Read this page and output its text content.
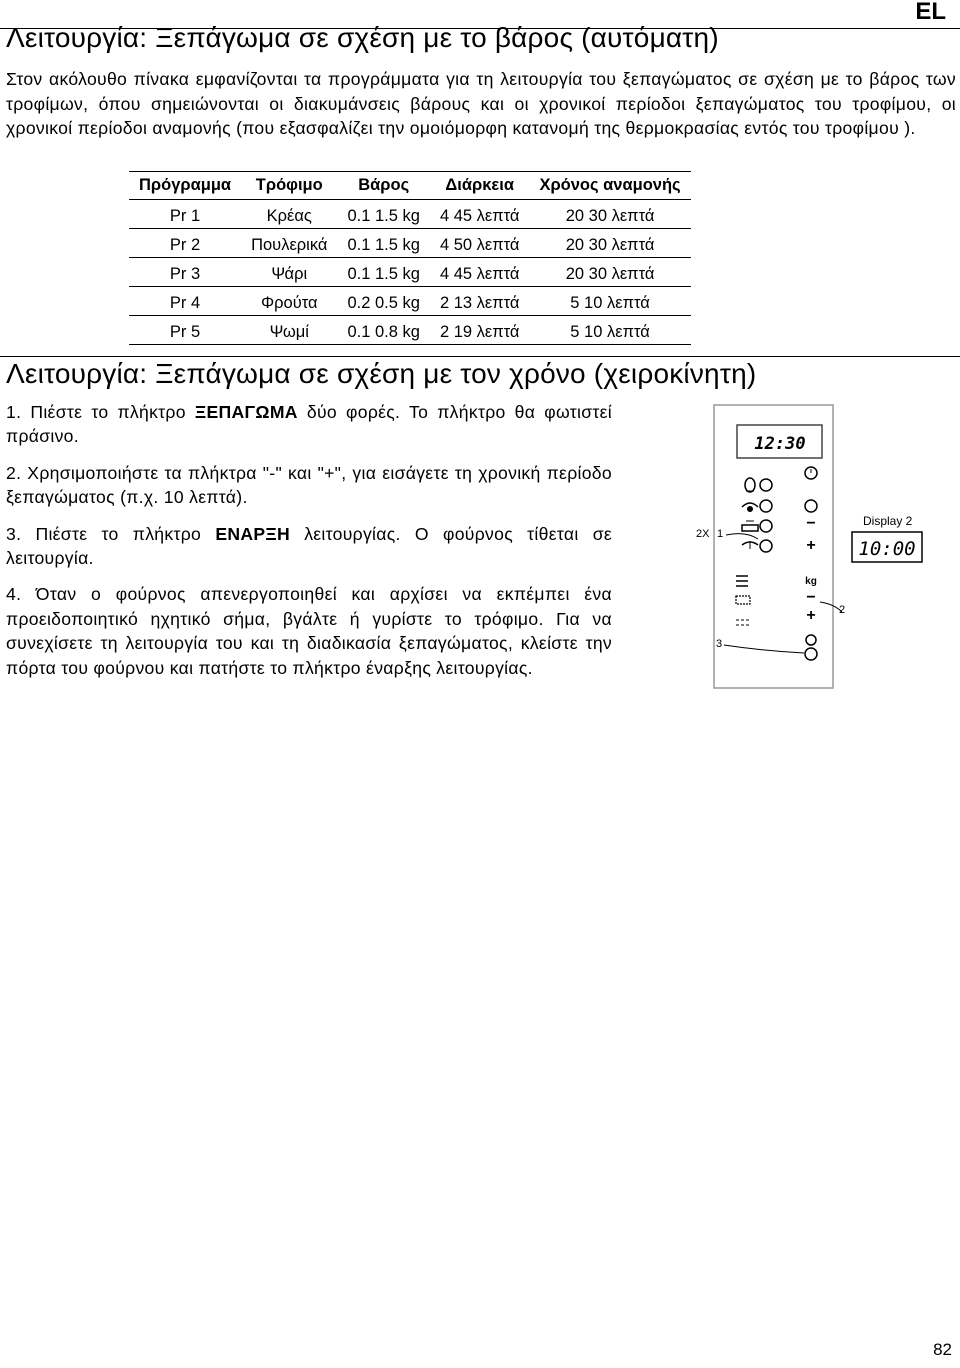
EL
Λειτουργία: Ξεπάγωμα σε σχέση με το βάρος (αυτόματη)
Στον ακόλουθο πίνακα εμφανίζονται τα προγράμματα για τη λειτουργία του ξεπαγώματος σε σχέση με το βάρος των τροφίμων, όπου σημειώνονται οι διακυμάνσεις βάρους και οι χρονικοί περίοδοι ξεπαγώματος του τροφίμου, οι χρονικοί περίοδοι αναμονής (που εξασφαλίζει την ομοιόμορφη κατανομή της θερμοκρασίας εντός του τροφίμου ).
Πρόγραμμα	Τρόφιμο	Βάρος	Διάρκεια	Χρόνος αναμονής
Pr 1	Κρέας	0.1 1.5 kg	4 45 λεπτά	20 30 λεπτά
Pr 2	Πουλερικά	0.1 1.5 kg	4 50 λεπτά	20 30 λεπτά
Pr 3	Ψάρι	0.1 1.5 kg	4 45 λεπτά	20 30 λεπτά
Pr 4	Φρούτα	0.2 0.5 kg	2 13 λεπτά	5 10 λεπτά
Pr 5	Ψωμί	0.1 0.8 kg	2 19 λεπτά	5 10 λεπτά
Λειτουργία: Ξεπάγωμα σε σχέση με τον χρόνο (χειροκίνητη)
1. Πιέστε το πλήκτρο ΞΕΠΑΓΩΜΑ δύο φορές. Το πλήκτρο θα φωτιστεί πράσινο.
2. Χρησιμοποιήστε τα πλήκτρα "-" και "+", για εισάγετε τη χρονική περίοδο ξεπαγώματος (π.χ. 10 λεπτά).
3. Πιέστε το πλήκτρο ΕΝΑΡΞΗ λειτουργίας. Ο φούρνος τίθεται σε λειτουργία.
4. Όταν ο φούρνος απενεργοποιηθεί και αρχίσει να εκπέμπει ένα προειδοποιητικό ηχητικό σήμα, βγάλτε ή γυρίστε το τρόφιμο. Για να συνεχίσετε τη λειτουργία του και τη διαδικασία ξεπαγώματος, κλείστε την πόρτα του φούρνου και πατήστε το πλήκτρο έναρξης λειτουργίας.
12:30
−
+
kg
−
+
2X 1
2
3
Display 2
10:00
82
